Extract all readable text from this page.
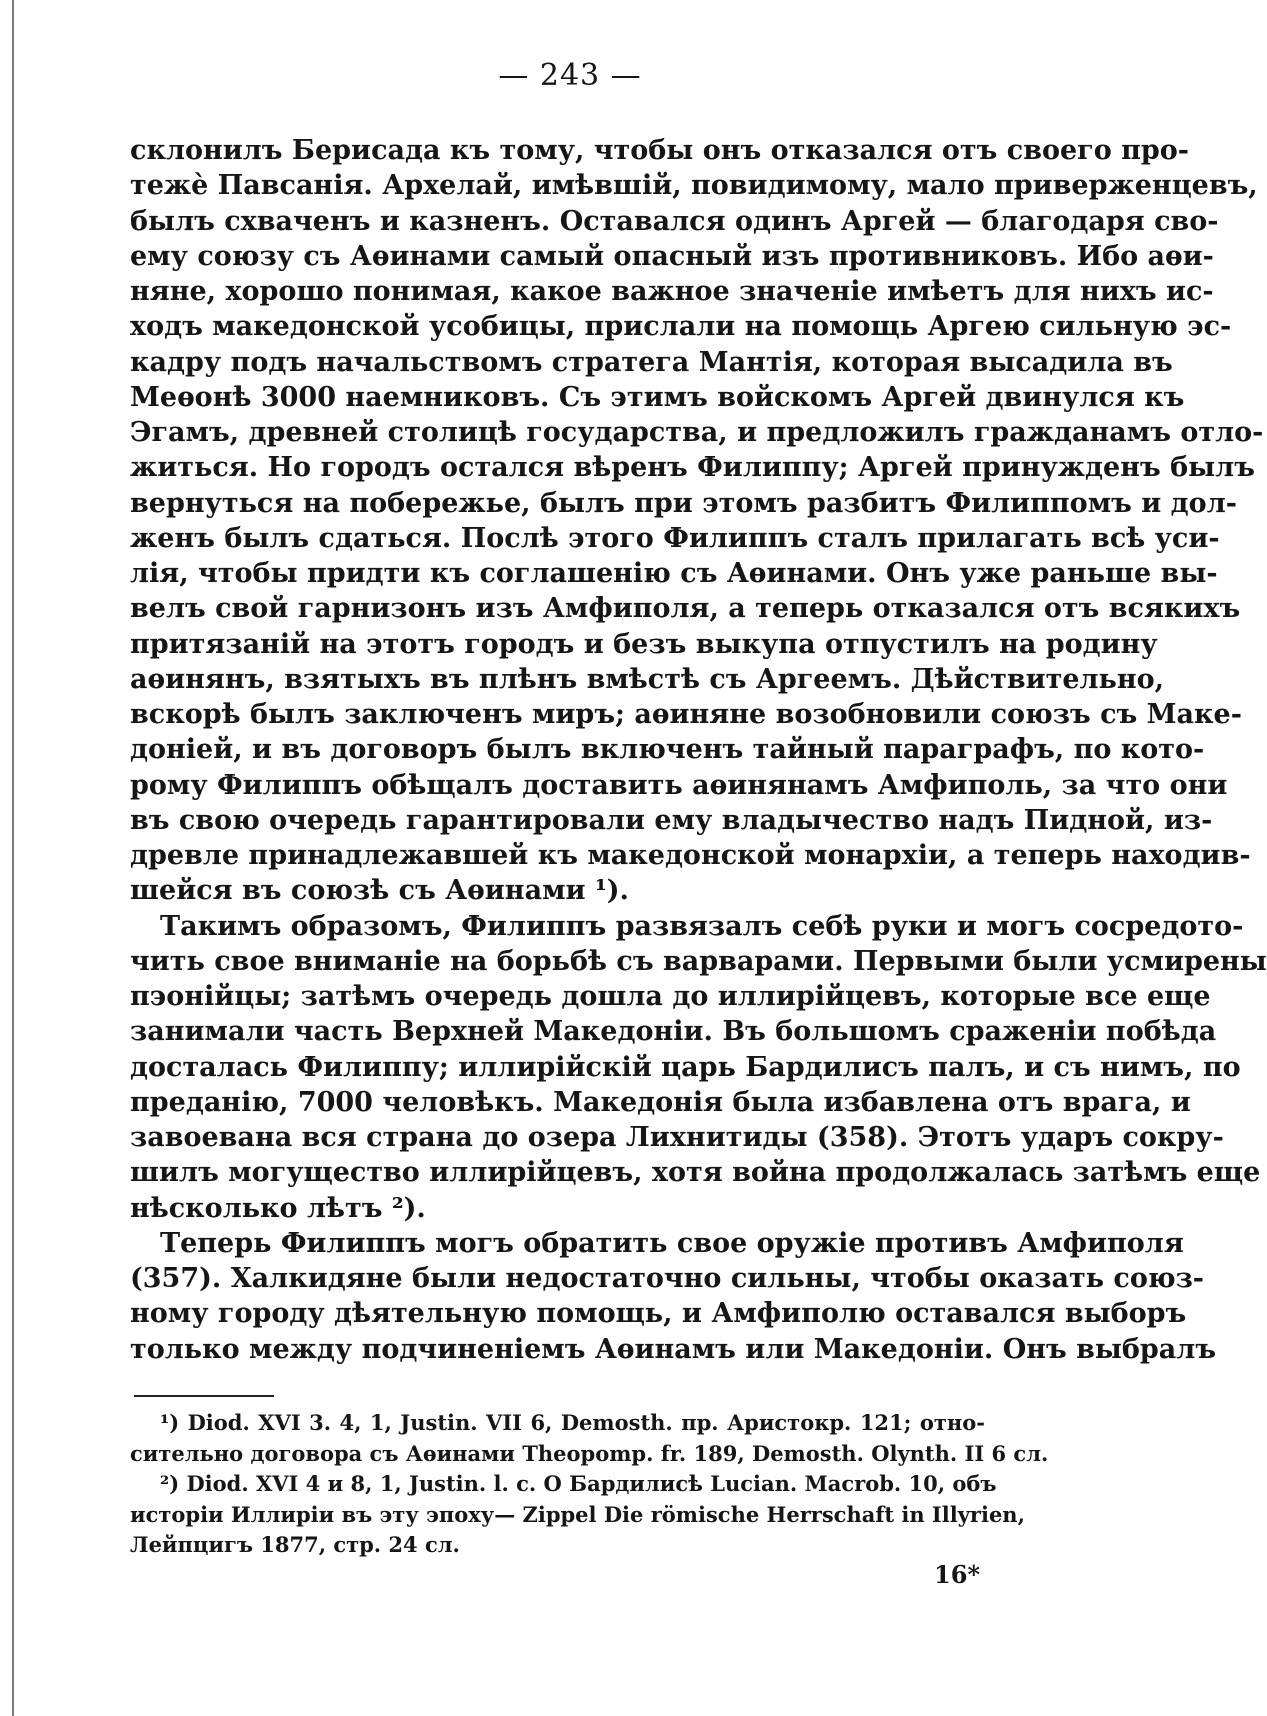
— 243 —
склонилъ Берисада къ тому, чтобы онъ отказался отъ своего про-
тежѐ Павсанія. Архелай, имѣвшій, повидимому, мало приверженцевъ,
былъ схваченъ и казненъ. Оставался одинъ Аргей — благодаря сво-
ему союзу съ Аѳинами самый опасный изъ противниковъ. Ибо аѳи-
няне, хорошо понимая, какое важное значеніе имѣетъ для нихъ ис-
ходъ македонской усобицы, прислали на помощь Аргею сильную эс-
кадру подъ начальствомъ стратега Мантія, которая высадила въ
Меѳонѣ 3000 наемниковъ. Съ этимъ войскомъ Аргей двинулся къ
Эгамъ, древней столицѣ государства, и предложилъ гражданамъ отло-
житься. Но городъ остался вѣренъ Филиппу; Аргей принужденъ былъ
вернуться на побережье, былъ при этомъ разбитъ Филиппомъ и дол-
женъ былъ сдаться. Послѣ этого Филиппъ сталъ прилагать всѣ уси-
лія, чтобы придти къ соглашенію съ Аѳинами. Онъ уже раньше вы-
велъ свой гарнизонъ изъ Амфиполя, а теперь отказался отъ всякихъ
притязаній на этотъ городъ и безъ выкупа отпустилъ на родину
аѳинянъ, взятыхъ въ плѣнъ вмѣстѣ съ Аргеемъ. Дѣйствительно,
вскорѣ былъ заключенъ миръ; аѳиняне возобновили союзъ съ Маке-
доніей, и въ договоръ былъ включенъ тайный параграфъ, по кото-
рому Филиппъ обѣщалъ доставить аѳинянамъ Амфиполь, за что они
въ свою очередь гарантировали ему владычество надъ Пидной, из-
древле принадлежавшей къ македонской монархіи, а теперь находив-
шейся въ союзѣ съ Аѳинами ¹).
Такимъ образомъ, Филиппъ развязалъ себѣ руки и могъ сосредото-
чить свое вниманіе на борьбѣ съ варварами. Первыми были усмирены
пэонійцы; затѣмъ очередь дошла до иллирійцевъ, которые все еще
занимали часть Верхней Македоніи. Въ большомъ сраженіи побѣда
досталась Филиппу; иллирійскій царь Бардилисъ палъ, и съ нимъ, по
преданію, 7000 человѣкъ. Македонія была избавлена отъ врага, и
завоевана вся страна до озера Лихнитиды (358). Этотъ ударъ сокру-
шилъ могущество иллирійцевъ, хотя война продолжалась затѣмъ еще
нѣсколько лѣтъ ²).
Теперь Филиппъ могъ обратить свое оружіе противъ Амфиполя
(357). Халкидяне были недостаточно сильны, чтобы оказать союз-
ному городу дѣятельную помощь, и Амфиполю оставался выборъ
только между подчиненіемъ Аѳинамъ или Македоніи. Онъ выбралъ
¹) Diod. XVI 3. 4, 1, Justin. VII 6, Demosth. пр. Аристокр. 121; отно-
сительно договора съ Аѳинами Theopomp. fr. 189, Demosth. Olynth. II 6 сл.
²) Diod. XVI 4 и 8, 1, Justin. l. c. О Бардилисѣ Lucian. Macrob. 10, объ
исторіи Иллиріи въ эту эпоху— Zippel Die römische Herrschaft in Illyrien,
Лейпцигъ 1877, стр. 24 сл.
16*
